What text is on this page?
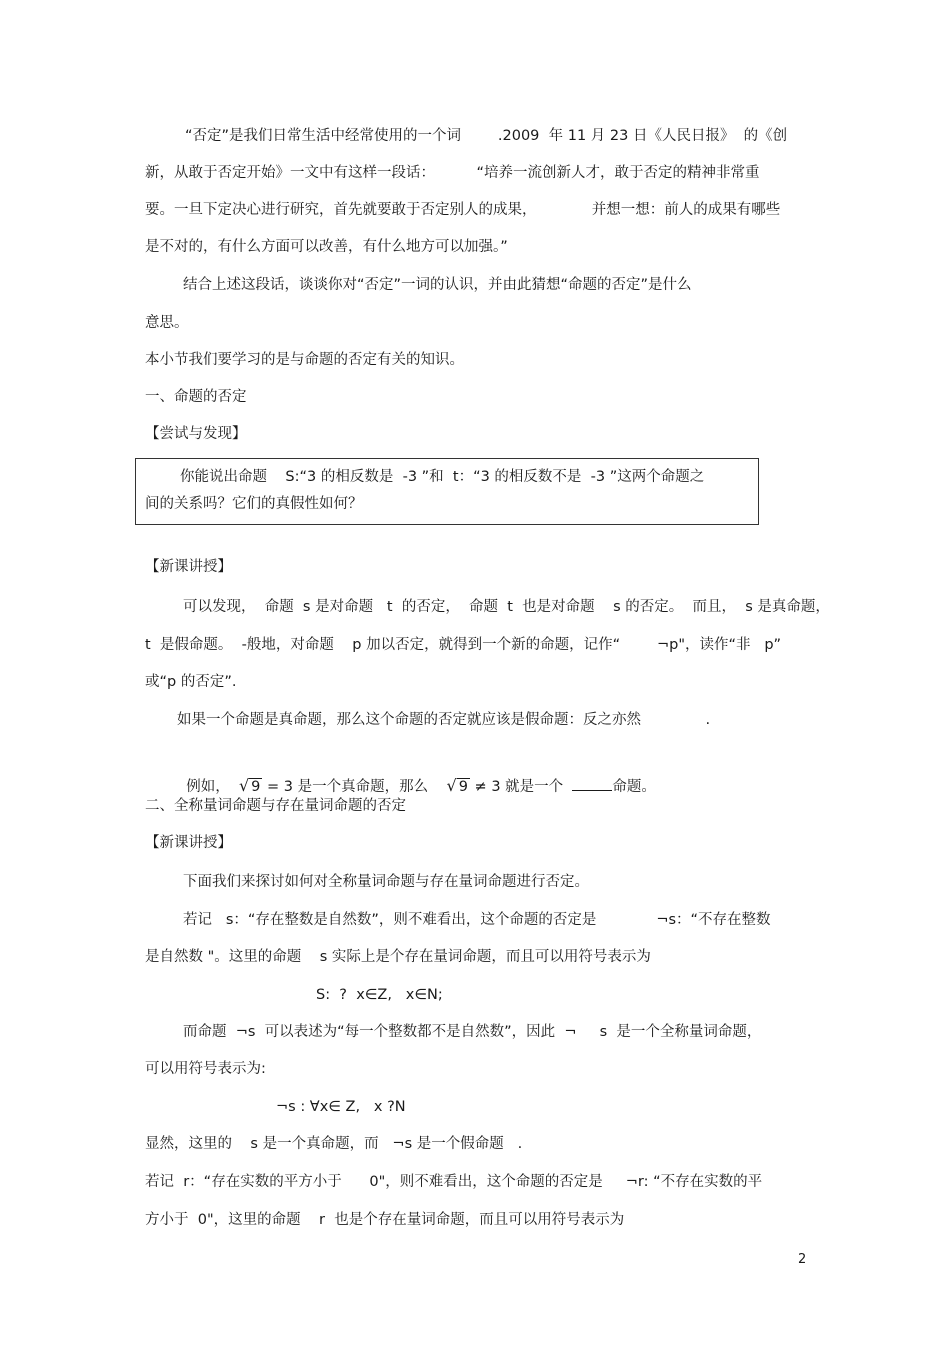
“否定”是我们日常生活中经常使用的一个词        .2009  年 11 月 23 日《人民日报》  的《创
新，从敢于否定开始》一文中有这样一段话：         “培养一流创新人才，敢于否定的精神非常重
要。一旦下定决心进行研究，首先就要敢于否定别人的成果，            并想一想：前人的成果有哪些
是不对的，有什么方面可以改善，有什么地方可以加强。”
结合上述这段话，谈谈你对“否定”一词的认识，并由此猜想“命题的否定”是什么
意思。
本小节我们要学习的是与命题的否定有关的知识。
一、命题的否定
【尝试与发现】
你能说出命题    S:“3 的相反数是  -3 ”和  t：“3 的相反数不是  -3 ”这两个命题之
间的关系吗？它们的真假性如何？
【新课讲授】
可以发现，  命题  s 是对命题   t  的否定，  命题  t  也是对命题    s 的否定。  而且，  s 是真命题，
t  是假命题。  -般地，对命题    p 加以否定，就得到一个新的命题，记作“        ¬p"，读作“非   p”
或“p 的否定”.
如果一个命题是真命题，那么这个命题的否定就应该是假命题：反之亦然              .

例如，  √ 9 = 3 是一个真命题，那么    √ 9 ≠ 3 就是一个	命题。

二、全称量词命题与存在量词命题的否定
【新课讲授】
下面我们来探讨如何对全称量词命题与存在量词命题进行否定。
若记   s：“存在整数是自然数”，则不难看出，这个命题的否定是             ¬s：“不存在整数
是自然数 "。这里的命题    s 实际上是个存在量词命题，而且可以用符号表示为
S:  ?  x∈Z,   x∈N;
而命题  ¬s  可以表述为“每一个整数都不是自然数”，因此  ¬     s  是一个全称量词命题，
可以用符号表示为:
¬s : ∀x∈ Z,   x ?N
显然，这里的    s 是一个真命题，而   ¬s 是一个假命题   .
若记  r：“存在实数的平方小于      0"，则不难看出，这个命题的否定是     ¬r: “不存在实数的平
方小于  0"，这里的命题    r  也是个存在量词命题，而且可以用符号表示为
2
